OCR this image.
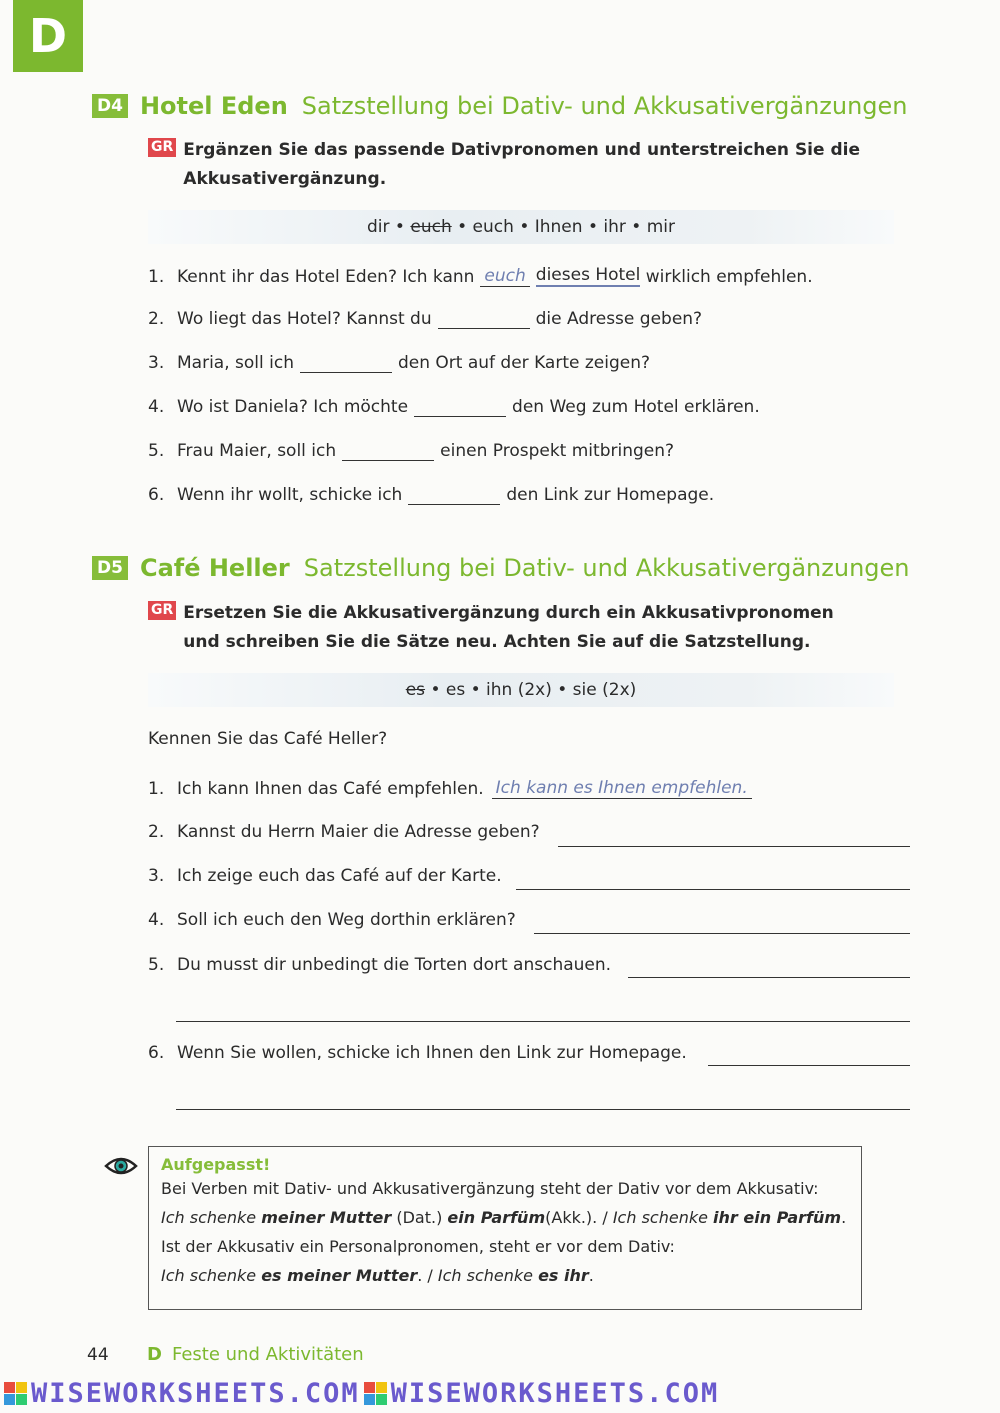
D
D4 Hotel Eden Satzstellung bei Dativ- und Akkusativergänzungen
GR Ergänzen Sie das passende Dativpronomen und unterstreichen Sie die
Akkusativergänzung.
dir •
euch
• euch • Ihnen • ihr • mir
1. Kennt ihr das Hotel Eden? Ich kann euch dieses Hotel
wirklich empfehlen.
2. Wo liegt das Hotel? Kannst du	die Adresse geben?
3. Maria, soll ich	den Ort auf der Karte zeigen?
4. Wo ist Daniela? Ich möchte	den Weg zum Hotel erklären.
5. Frau Maier, soll ich	einen Prospekt mitbringen?
6. Wenn ihr wollt, schicke ich	den Link zur Homepage.
D5 Café Heller Satzstellung bei Dativ- und Akkusativergänzungen
GR Ersetzen Sie die Akkusativergänzung durch ein Akkusativpronomen
und schreiben Sie die Sätze neu. Achten Sie auf die Satzstellung.
es
• es • ihn (2x) • sie (2x)
Kennen Sie das Café Heller?
1. Ich kann Ihnen das Café empfehlen. Ich kann es Ihnen empfehlen.
2. Kannst du Herrn Maier die Adresse geben?
3. Ich zeige euch das Café auf der Karte.
4. Soll ich euch den Weg dorthin erklären?
5. Du musst dir unbedingt die Torten dort anschauen.
6. Wenn Sie wollen, schicke ich Ihnen den Link zur Homepage.
Aufgepasst!
Bei Verben mit Dativ- und Akkusativergänzung steht der Dativ vor dem Akkusativ:
Ich schenke meiner Mutter (Dat.) ein Parfüm(Akk.). / Ich schenke ihr ein Parfüm.
Ist der Akkusativ ein Personalpronomen, steht er vor dem Dativ:
Ich schenke es meiner Mutter. / Ich schenke es ihr.
44 D Feste und Aktivitäten
WISEWORKSHEETS.COM WISEWORKSHEETS.COM
